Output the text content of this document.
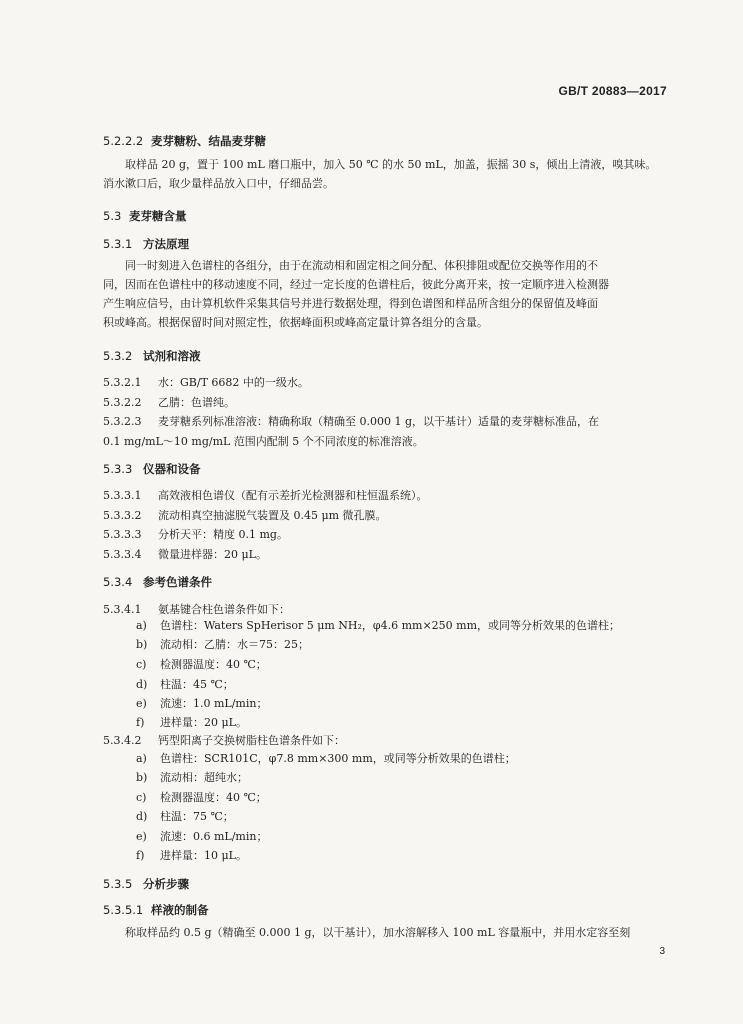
GB/T 20883—2017
5.2.2.2 麦芽糖粉、结晶麦芽糖
取样品 20 g，置于 100 mL 磨口瓶中，加入 50 ℃ 的水 50 mL，加盖，振摇 30 s，倾出上清液，嗅其味。
消水漱口后，取少量样品放入口中，仔细品尝。
5.3 麦芽糖含量
5.3.1 方法原理
同一时刻进入色谱柱的各组分，由于在流动相和固定相之间分配、体积排阻或配位交换等作用的不
同，因而在色谱柱中的移动速度不同，经过一定长度的色谱柱后，彼此分离开来，按一定顺序进入检测器
产生响应信号，由计算机软件采集其信号并进行数据处理，得到色谱图和样品所含组分的保留值及峰面
积或峰高。根据保留时间对照定性，依据峰面积或峰高定量计算各组分的含量。
5.3.2 试剂和溶液
5.3.2.1 水：GB/T 6682 中的一级水。
5.3.2.2 乙腈：色谱纯。
5.3.2.3 麦芽糖系列标准溶液：精确称取（精确至 0.000 1 g，以干基计）适量的麦芽糖标准品，在
0.1 mg/mL～10 mg/mL 范围内配制 5 个不同浓度的标准溶液。
5.3.3 仪器和设备
5.3.3.1 高效液相色谱仪（配有示差折光检测器和柱恒温系统）。
5.3.3.2 流动相真空抽滤脱气装置及 0.45 μm 微孔膜。
5.3.3.3 分析天平：精度 0.1 mg。
5.3.3.4 微量进样器：20 μL。
5.3.4 参考色谱条件
5.3.4.1 氨基键合柱色谱条件如下：
a) 色谱柱：Waters SpHerisor 5 μm NH₂，φ4.6 mm×250 mm，或同等分析效果的色谱柱；
b) 流动相：乙腈：水＝75：25；
c) 检测器温度：40 ℃；
d) 柱温：45 ℃；
e) 流速：1.0 mL/min；
f) 进样量：20 μL。
5.3.4.2 钙型阳离子交换树脂柱色谱条件如下：
a) 色谱柱：SCR101C，φ7.8 mm×300 mm，或同等分析效果的色谱柱；
b) 流动相：超纯水；
c) 检测器温度：40 ℃；
d) 柱温：75 ℃；
e) 流速：0.6 mL/min；
f) 进样量：10 μL。
5.3.5 分析步骤
5.3.5.1 样液的制备
称取样品约 0.5 g（精确至 0.000 1 g，以干基计），加水溶解移入 100 mL 容量瓶中，并用水定容至刻
3
